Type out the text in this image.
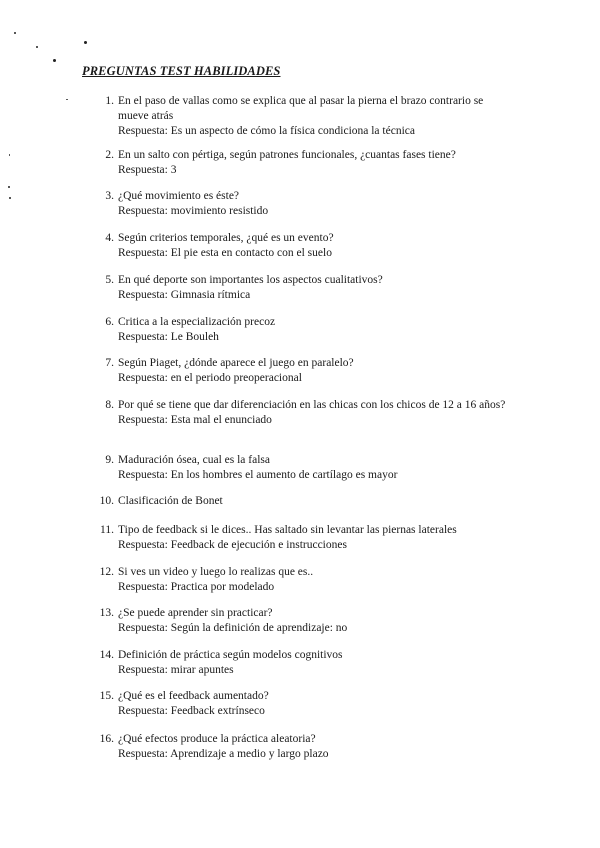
PREGUNTAS TEST HABILIDADES
1. En el paso de vallas como se explica que al pasar la pierna el brazo contrario se mueve atrás
Respuesta: Es un aspecto de cómo la física condiciona la técnica
2. En un salto con pértiga, según patrones funcionales, ¿cuantas fases tiene?
Respuesta: 3
3. ¿Qué movimiento es éste?
Respuesta: movimiento resistido
4. Según criterios temporales, ¿qué es un evento?
Respuesta: El pie esta en contacto con el suelo
5. En qué deporte son importantes los aspectos cualitativos?
Respuesta: Gimnasia rítmica
6. Critica a la especialización precoz
Respuesta: Le Bouleh
7. Según Piaget, ¿dónde aparece el juego en paralelo?
Respuesta: en el periodo preoperacional
8. Por qué se tiene que dar diferenciación en las chicas con los chicos de 12 a 16 años?
Respuesta: Esta mal el enunciado
9. Maduración ósea, cual es la falsa
Respuesta: En los hombres el aumento de cartílago es mayor
10. Clasificación de Bonet
11. Tipo de feedback si le dices.. Has saltado sin levantar las piernas laterales
Respuesta: Feedback de ejecución e instrucciones
12. Si ves un video y luego lo realizas que es..
Respuesta: Practica por modelado
13. ¿Se puede aprender sin practicar?
Respuesta: Según la definición de aprendizaje: no
14. Definición de práctica según modelos cognitivos
Respuesta: mirar apuntes
15. ¿Qué es el feedback aumentado?
Respuesta: Feedback extrínseco
16. ¿Qué efectos produce la práctica aleatoria?
Respuesta: Aprendizaje a medio y largo plazo
